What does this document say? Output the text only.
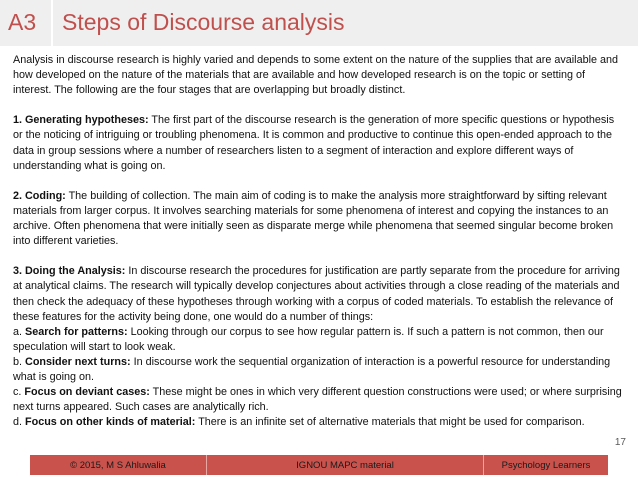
A3 Steps of Discourse analysis

Analysis in discourse research is highly varied and depends to some extent on the nature of the supplies that are available and how developed on the nature of the materials that are available and how developed research is on the topic or setting of interest. The following are the four stages that are overlapping but broadly distinct.

1. Generating hypotheses: The first part of the discourse research is the generation of more specific questions or hypothesis or the noticing of intriguing or troubling phenomena. It is common and productive to continue this open-ended approach to the data in group sessions where a number of researchers listen to a segment of interaction and explore different ways of understanding what is going on.

2. Coding: The building of collection. The main aim of coding is to make the analysis more straightforward by sifting relevant materials from larger corpus. It involves searching materials for some phenomena of interest and copying the instances to an archive. Often phenomena that were initially seen as disparate merge while phenomena that seemed singular become broken into different varieties.

3. Doing the Analysis: In discourse research the procedures for justification are partly separate from the procedure for arriving at analytical claims. The research will typically develop conjectures about activities through a close reading of the materials and then check the adequacy of these hypotheses through working with a corpus of coded materials. To establish the relevance of these features for the activity being done, one would do a number of things:

a. Search for patterns: Looking through our corpus to see how regular pattern is. If such a pattern is not common, then our speculation will start to look weak.

b. Consider next turns: In discourse work the sequential organization of interaction is a powerful resource for understanding what is going on.

c. Focus on deviant cases: These might be ones in which very different question constructions were used; or where surprising next turns appeared. Such cases are analytically rich.

d. Focus on other kinds of material: There is an infinite set of alternative materials that might be used for comparison.

17
© 2015, M S Ahluwalia	IGNOU MAPC material	Psychology Learners
